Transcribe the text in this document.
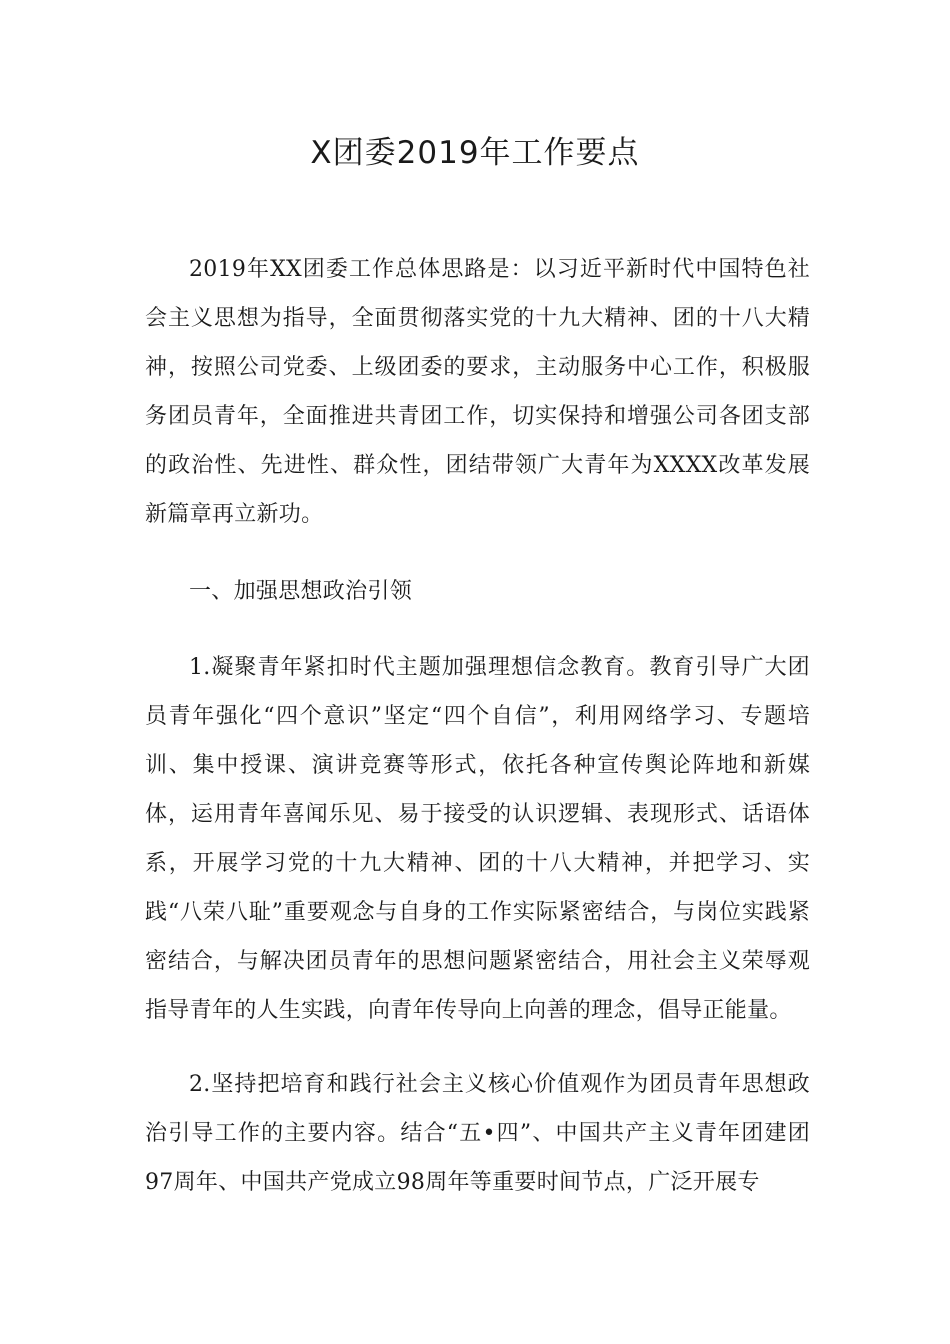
X团委2019年工作要点

2019年XX团委工作总体思路是：以习近平新时代中国特色社会主义思想为指导，全面贯彻落实党的十九大精神、团的十八大精神，按照公司党委、上级团委的要求，主动服务中心工作，积极服务团员青年，全面推进共青团工作，切实保持和增强公司各团支部的政治性、先进性、群众性，团结带领广大青年为XXXX改革发展新篇章再立新功。

一、加强思想政治引领

1.凝聚青年紧扣时代主题加强理想信念教育。教育引导广大团员青年强化“四个意识”坚定“四个自信”，利用网络学习、专题培训、集中授课、演讲竞赛等形式，依托各种宣传舆论阵地和新媒体，运用青年喜闻乐见、易于接受的认识逻辑、表现形式、话语体系，开展学习党的十九大精神、团的十八大精神，并把学习、实践“八荣八耻”重要观念与自身的工作实际紧密结合，与岗位实践紧密结合，与解决团员青年的思想问题紧密结合，用社会主义荣辱观指导青年的人生实践，向青年传导向上向善的理念，倡导正能量。

2.坚持把培育和践行社会主义核心价值观作为团员青年思想政治引导工作的主要内容。结合“五•四”、中国共产主义青年团建团97周年、中国共产党成立98周年等重要时间节点，广泛开展专
